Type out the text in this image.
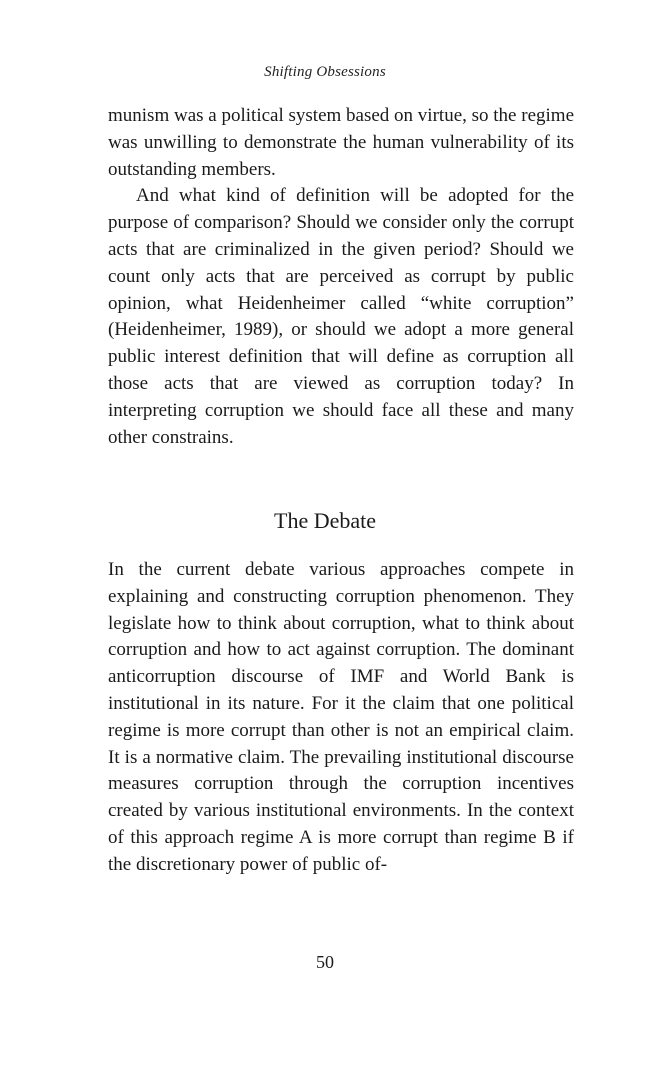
Shifting Obsessions

munism was a political system based on virtue, so the regime was unwilling to demonstrate the human vulnerability of its outstanding members.

And what kind of definition will be adopted for the purpose of comparison? Should we consider only the corrupt acts that are criminalized in the given period? Should we count only acts that are perceived as corrupt by public opinion, what Heidenheimer called “white corruption” (Heidenheimer, 1989), or should we adopt a more general public interest definition that will define as corruption all those acts that are viewed as corruption today? In interpreting corruption we should face all these and many other constrains.

The Debate

In the current debate various approaches compete in explaining and constructing corruption phenomenon. They legislate how to think about corruption, what to think about corruption and how to act against corruption. The dominant anticorruption discourse of IMF and World Bank is institutional in its nature. For it the claim that one political regime is more corrupt than other is not an empirical claim. It is a normative claim. The prevailing institutional discourse measures corruption through the corruption incentives created by various institutional environments. In the context of this approach regime A is more corrupt than regime B if the discretionary power of public of-

50
